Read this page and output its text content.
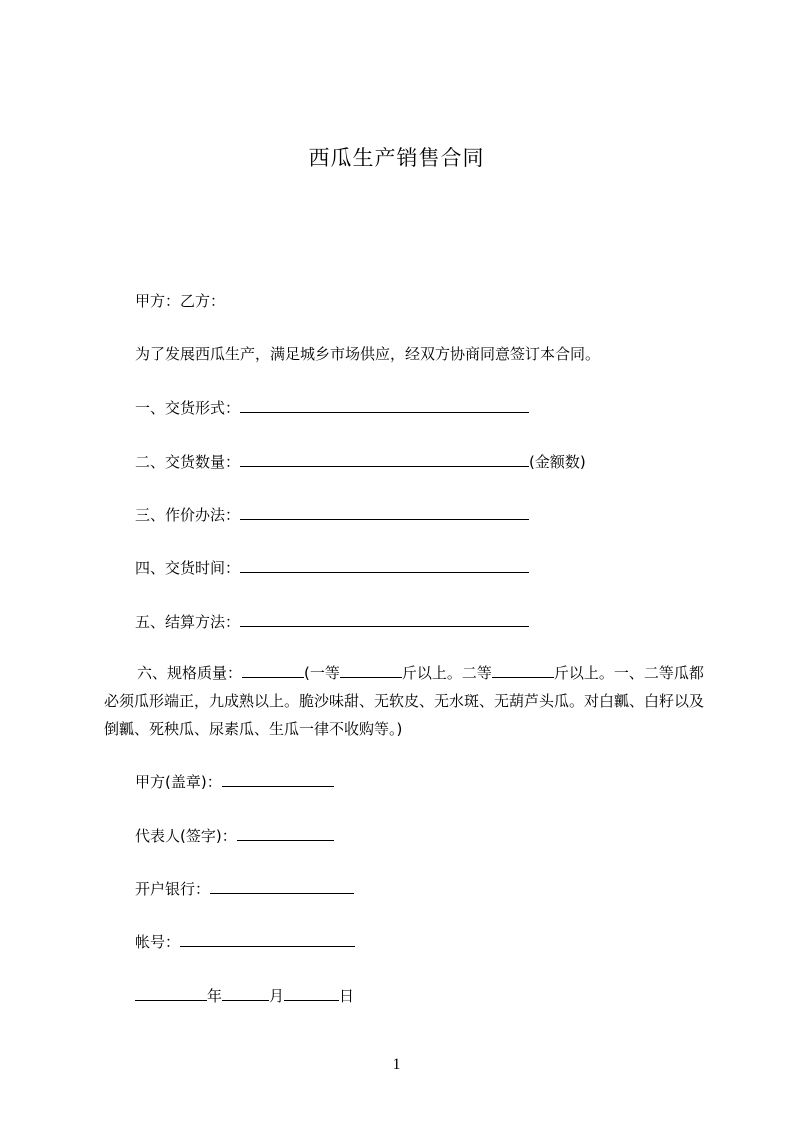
西瓜生产销售合同
甲方：乙方：
为了发展西瓜生产，满足城乡市场供应，经双方协商同意签订本合同。
一、交货形式：
二、交货数量：	(金额数)
三、作价办法：
四、交货时间：
五、结算方法：
六、规格质量：	(一等	斤以上。二等	斤以上。一、二等瓜都必须瓜形端正，九成熟以上。脆沙味甜、无软皮、无水斑、无葫芦头瓜。对白瓤、白籽以及倒瓤、死秧瓜、尿素瓜、生瓜一律不收购等。)
甲方(盖章)：
代表人(签字)：
开户银行：
帐号：
年	月	日
1
